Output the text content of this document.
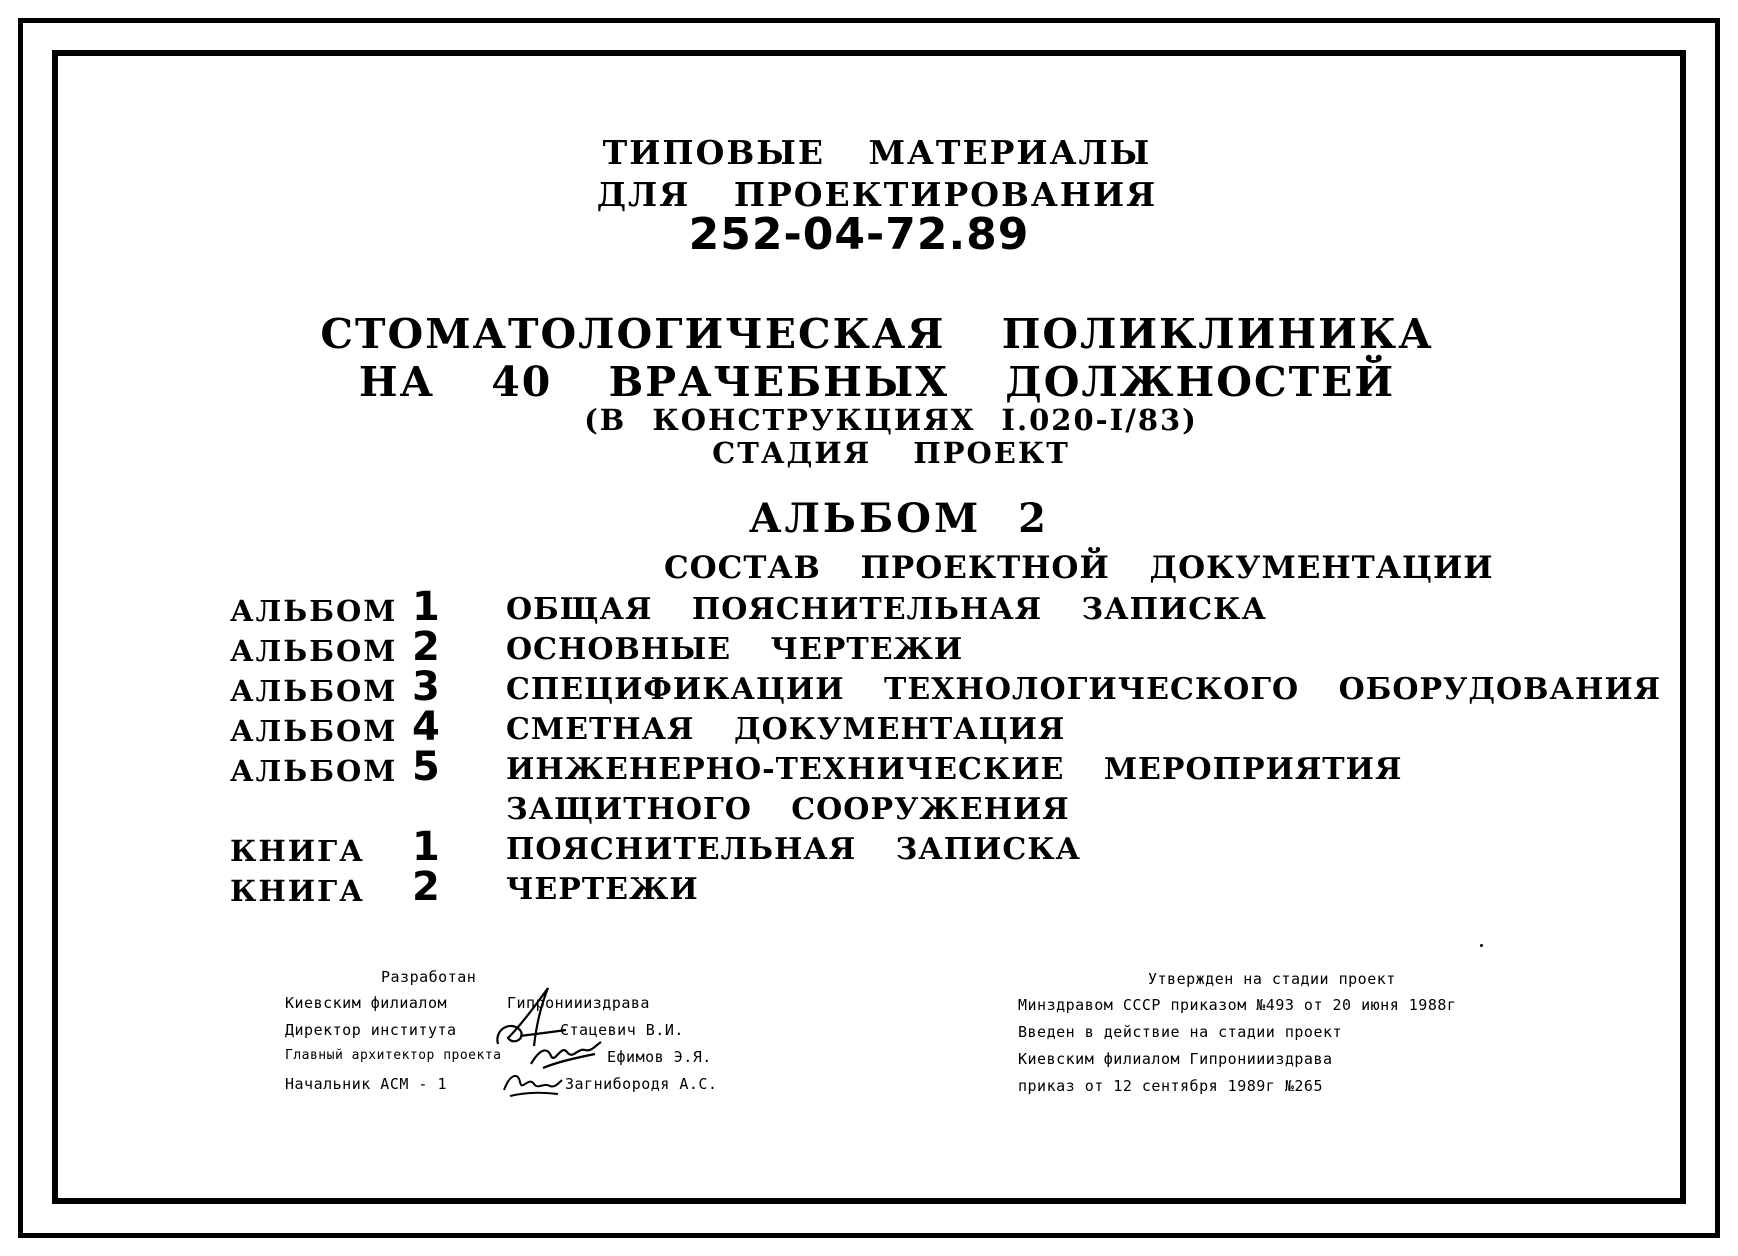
ТИПОВЫЕ МАТЕРИАЛЫ
ДЛЯ ПРОЕКТИРОВАНИЯ
252-04-72.89
СТОМАТОЛОГИЧЕСКАЯ ПОЛИКЛИНИКА
НА 40 ВРАЧЕБНЫХ ДОЛЖНОСТЕЙ
(В КОНСТРУКЦИЯХ I.020-I/83)
СТАДИЯ ПРОЕКТ
АЛЬБОМ 2
СОСТАВ ПРОЕКТНОЙ ДОКУМЕНТАЦИИ
АЛЬБОМ 1 ОБЩАЯ ПОЯСНИТЕЛЬНАЯ ЗАПИСКА
АЛЬБОМ 2 ОСНОВНЫЕ ЧЕРТЕЖИ
АЛЬБОМ 3 СПЕЦИФИКАЦИИ ТЕХНОЛОГИЧЕСКОГО ОБОРУДОВАНИЯ
АЛЬБОМ 4 СМЕТНАЯ ДОКУМЕНТАЦИЯ
АЛЬБОМ 5 ИНЖЕНЕРНО-ТЕХНИЧЕСКИЕ МЕРОПРИЯТИЯ
ЗАЩИТНОГО СООРУЖЕНИЯ
КНИГА 1 ПОЯСНИТЕЛЬНАЯ ЗАПИСКА
КНИГА 2 ЧЕРТЕЖИ
Разработан
Киевским филиалом	Гипрониииздрава
Директор института	Стацевич В.И.
Главный архитектор проекта	Ефимов Э.Я.
Начальник АСМ - 1	Загнибородя А.С.
Утвержден на стадии проект
Минздравом СССР приказом №493 от 20 июня 1988г
Введен в действие на стадии проект
Киевским филиалом Гипрониииздрава
приказ от 12 сентября 1989г №265
